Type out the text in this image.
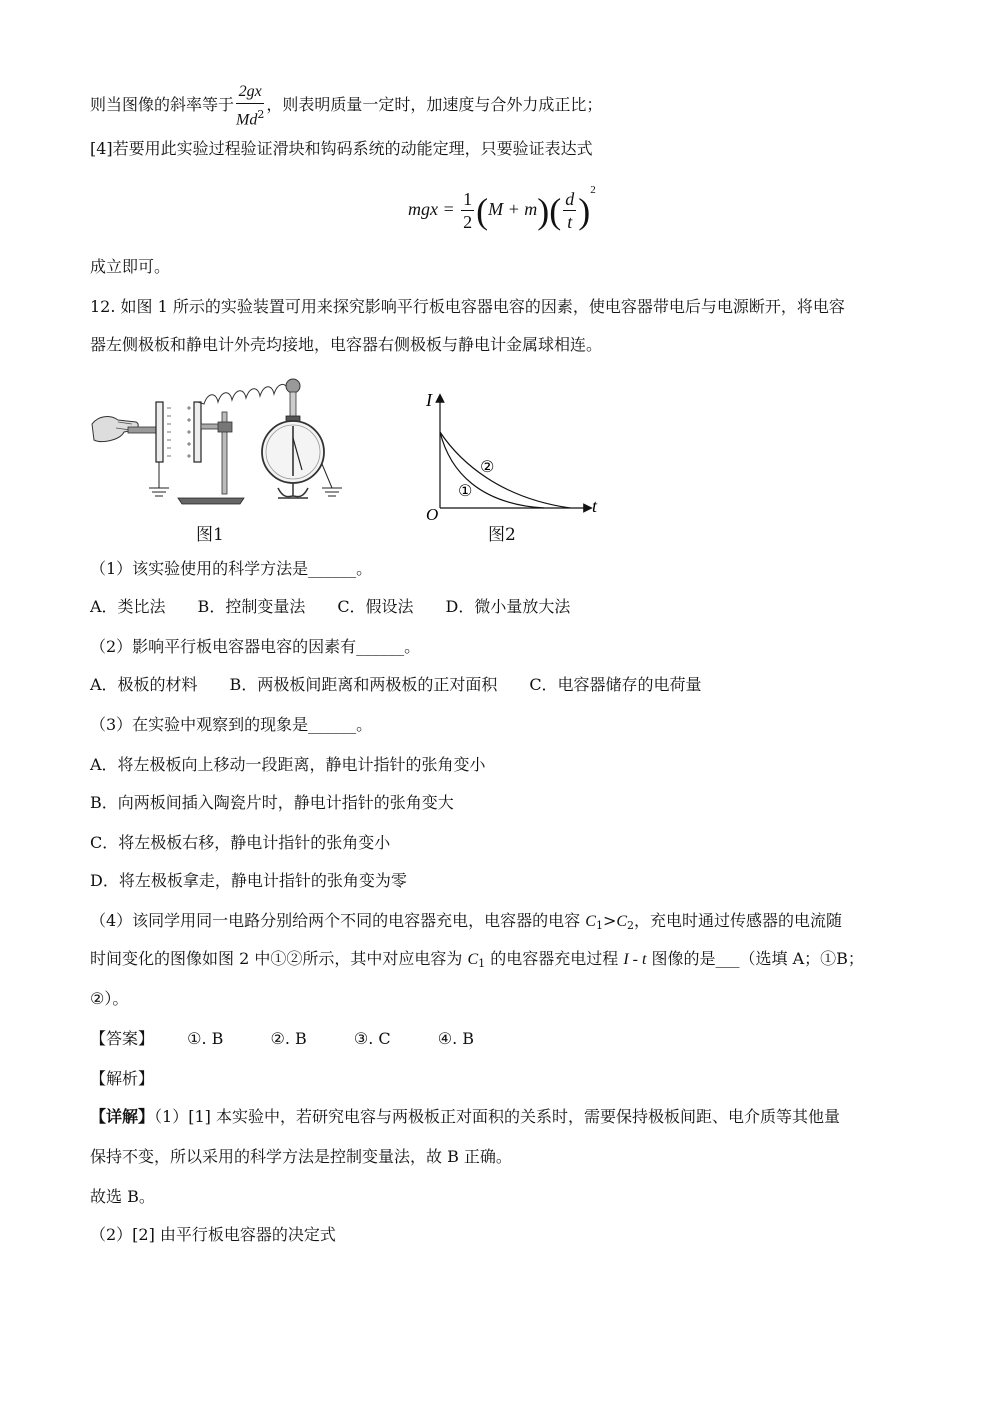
则当图像的斜率等于 $\frac{2gx}{Md^2}$ ，则表明质量一定时，加速度与合外力成正比；
[4]若要用此实验过程验证滑块和钩码系统的动能定理，只要验证表达式
mgx = $\frac{1}{2} (M + m)( \frac{d}{t} )^2$
成立即可。
12. 如图 1 所示的实验装置可用来探究影响平行板电容器电容的因素，使电容器带电后与电源断开，将电容
器左侧极板和静电计外壳均接地，电容器右侧极板与静电计金属球相连。
图1
I
t
O
①
②
图2
（1）该实验使用的科学方法是______。
A．类比法　　B．控制变量法　　C．假设法　　D．微小量放大法
（2）影响平行板电容器电容的因素有______。
A．极板的材料　　B．两极板间距离和两极板的正对面积　　C．电容器储存的电荷量
（3）在实验中观察到的现象是______。
A．将左极板向上移动一段距离，静电计指针的张角变小
B．向两板间插入陶瓷片时，静电计指针的张角变大
C．将左极板右移，静电计指针的张角变小
D．将左极板拿走，静电计指针的张角变为零
（4）该同学用同一电路分别给两个不同的电容器充电，电容器的电容 $C_1>C_2$，充电时通过传感器的电流随
时间变化的图像如图 2 中①②所示，其中对应电容为 $C_1$ 的电容器充电过程 I - t 图像的是___（选填 A；①B；
②）。
【答案】 ①. B	②. B	③. C	④. B
【解析】
【详解】（1）[1] 本实验中，若研究电容与两极板正对面积的关系时，需要保持极板间距、电介质等其他量
保持不变，所以采用的科学方法是控制变量法，故 B 正确。
故选 B。
（2）[2] 由平行板电容器的决定式
